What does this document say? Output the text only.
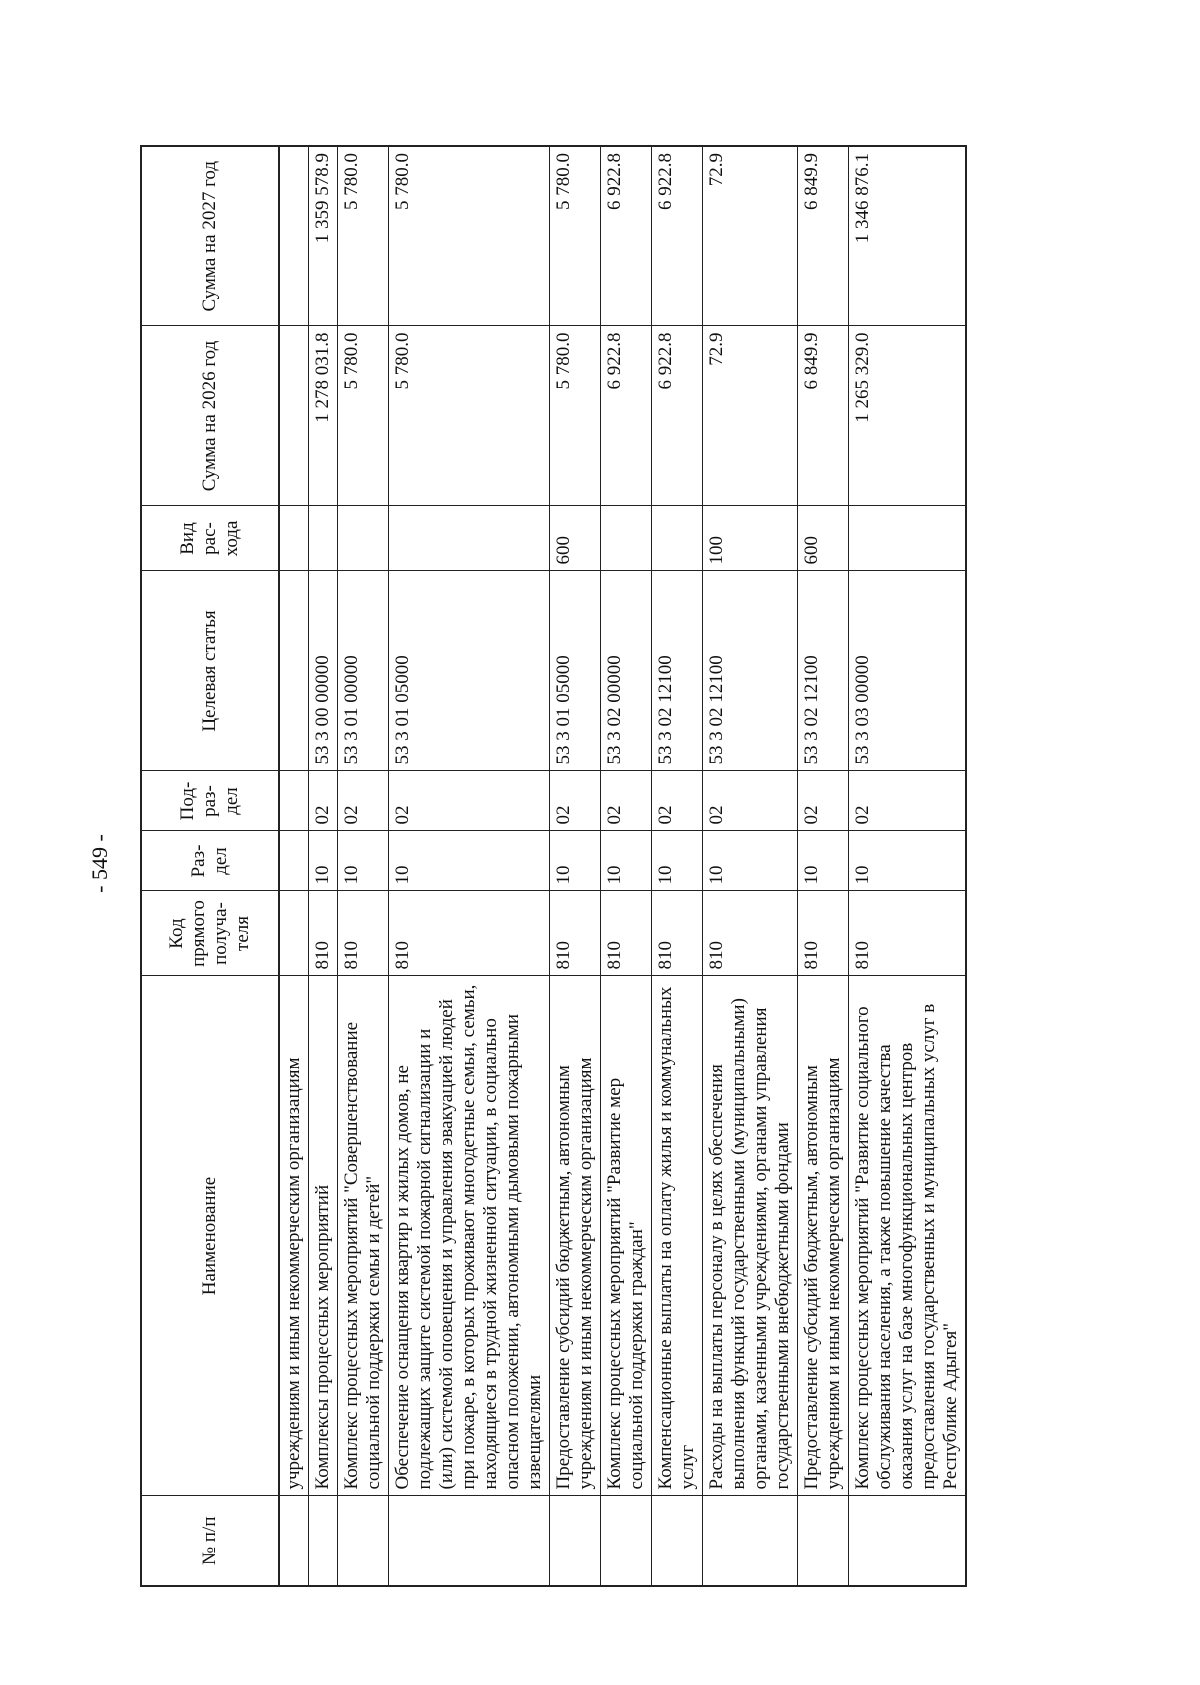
- 549 -
№ п/п	Наименование	Код прямого получа-теля	Раз-дел	Под-раз-дел	Целевая статья	Вид рас-хода	Сумма на 2026 год	Сумма на 2027 год
	учреждениям и иным некоммерческим организациям							
	Комплексы процессных мероприятий	810	10	02	53 3 00 00000		1 278 031.8	1 359 578.9
	Комплекс процессных мероприятий "Совершенствование социальной поддержки семьи и детей"	810	10	02	53 3 01 00000		5 780.0	5 780.0
	Обеспечение оснащения квартир и жилых домов, не подлежащих защите системой пожарной сигнализации и (или) системой оповещения и управления эвакуацией людей при пожаре, в которых проживают многодетные семьи, семьи, находящиеся в трудной жизненной ситуации, в социально опасном положении, автономными дымовыми пожарными извещателями	810	10	02	53 3 01 05000		5 780.0	5 780.0
	Предоставление субсидий бюджетным, автономным учреждениям и иным некоммерческим организациям	810	10	02	53 3 01 05000	600	5 780.0	5 780.0
	Комплекс процессных мероприятий "Развитие мер социальной поддержки граждан"	810	10	02	53 3 02 00000		6 922.8	6 922.8
	Компенсационные выплаты на оплату жилья и коммунальных услуг	810	10	02	53 3 02 12100		6 922.8	6 922.8
	Расходы на выплаты персоналу в целях обеспечения выполнения функций государственными (муниципальными) органами, казенными учреждениями, органами управления государственными внебюджетными фондами	810	10	02	53 3 02 12100	100	72.9	72.9
	Предоставление субсидий бюджетным, автономным учреждениям и иным некоммерческим организациям	810	10	02	53 3 02 12100	600	6 849.9	6 849.9
	Комплекс процессных мероприятий "Развитие социального обслуживания населения, а также повышение качества оказания услуг на базе многофункциональных центров предоставления государственных и муниципальных услуг в Республике Адыгея"	810	10	02	53 3 03 00000		1 265 329.0	1 346 876.1
